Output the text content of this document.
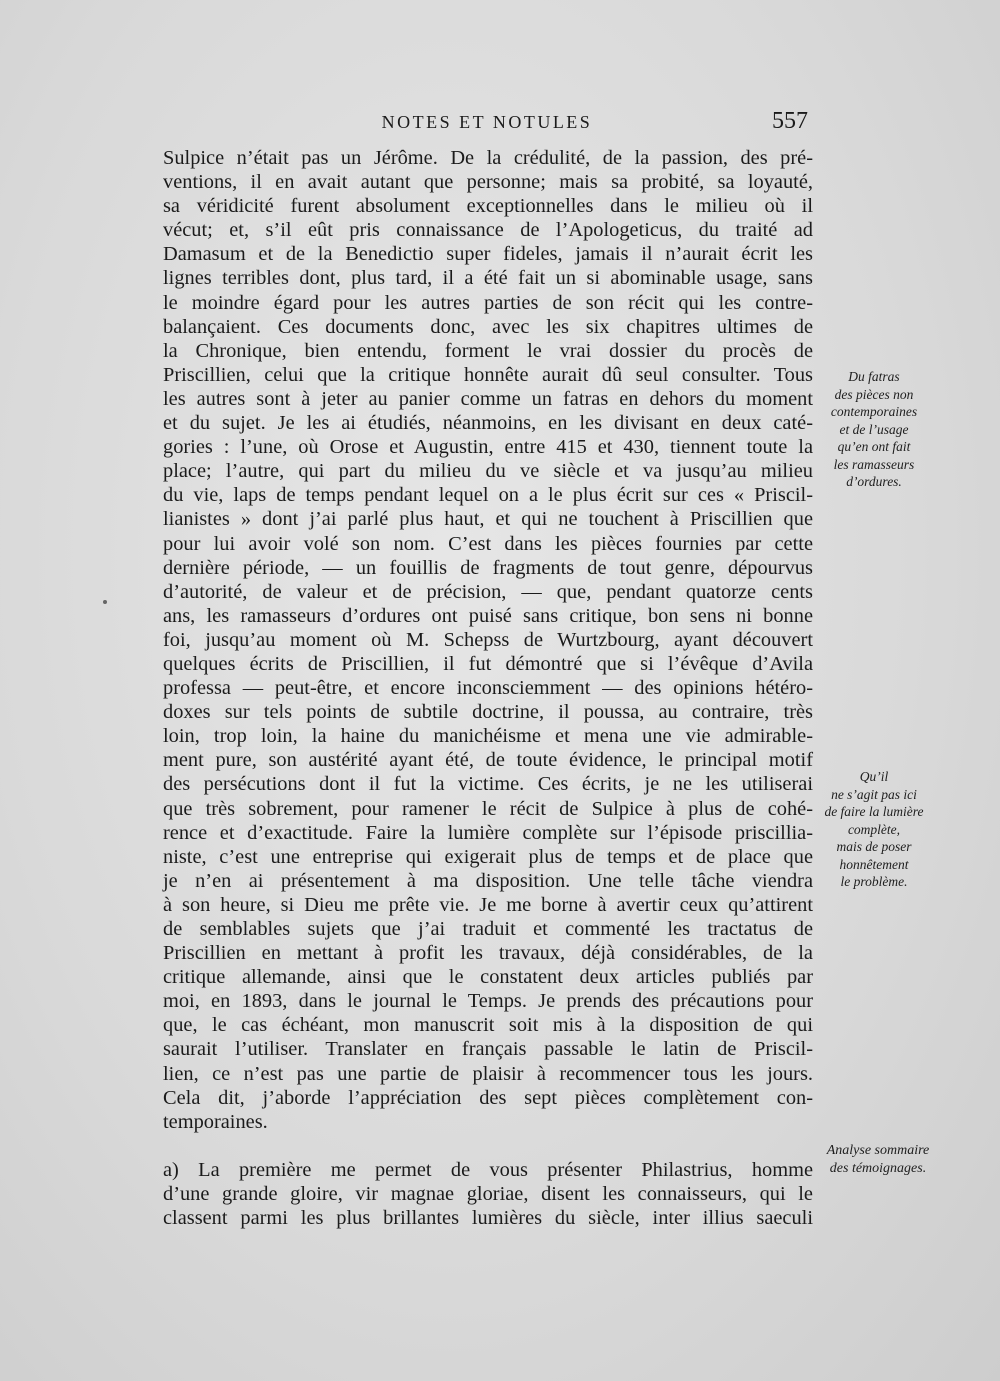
NOTES ET NOTULES	557
Sulpice n’était pas un Jérôme. De la crédulité, de la passion, des pré-
ventions, il en avait autant que personne; mais sa probité, sa loyauté,
sa véridicité furent absolument exceptionnelles dans le milieu où il
vécut; et, s’il eût pris connaissance de l’Apologeticus, du traité ad
Damasum et de la Benedictio super fideles, jamais il n’aurait écrit les
lignes terribles dont, plus tard, il a été fait un si abominable usage, sans
le moindre égard pour les autres parties de son récit qui les contre-
balançaient. Ces documents donc, avec les six chapitres ultimes de
la Chronique, bien entendu, forment le vrai dossier du procès de
Priscillien, celui que la critique honnête aurait dû seul consulter. Tous
les autres sont à jeter au panier comme un fatras en dehors du moment
et du sujet. Je les ai étudiés, néanmoins, en les divisant en deux caté-
gories : l’une, où Orose et Augustin, entre 415 et 430, tiennent toute la
place; l’autre, qui part du milieu du ve siècle et va jusqu’au milieu
du vie, laps de temps pendant lequel on a le plus écrit sur ces « Priscil-
lianistes » dont j’ai parlé plus haut, et qui ne touchent à Priscillien que
pour lui avoir volé son nom. C’est dans les pièces fournies par cette
dernière période, — un fouillis de fragments de tout genre, dépourvus
d’autorité, de valeur et de précision, — que, pendant quatorze cents
ans, les ramasseurs d’ordures ont puisé sans critique, bon sens ni bonne
foi, jusqu’au moment où M. Schepss de Wurtzbourg, ayant découvert
quelques écrits de Priscillien, il fut démontré que si l’évêque d’Avila
professa — peut-être, et encore inconsciemment — des opinions hétéro-
doxes sur tels points de subtile doctrine, il poussa, au contraire, très
loin, trop loin, la haine du manichéisme et mena une vie admirable-
ment pure, son austérité ayant été, de toute évidence, le principal motif
des persécutions dont il fut la victime. Ces écrits, je ne les utiliserai
que très sobrement, pour ramener le récit de Sulpice à plus de cohé-
rence et d’exactitude. Faire la lumière complète sur l’épisode priscillia-
niste, c’est une entreprise qui exigerait plus de temps et de place que
je n’en ai présentement à ma disposition. Une telle tâche viendra
à son heure, si Dieu me prête vie. Je me borne à avertir ceux qu’attirent
de semblables sujets que j’ai traduit et commenté les tractatus de
Priscillien en mettant à profit les travaux, déjà considérables, de la
critique allemande, ainsi que le constatent deux articles publiés par
moi, en 1893, dans le journal le Temps. Je prends des précautions pour
que, le cas échéant, mon manuscrit soit mis à la disposition de qui
saurait l’utiliser. Translater en français passable le latin de Priscil-
lien, ce n’est pas une partie de plaisir à recommencer tous les jours.
Cela dit, j’aborde l’appréciation des sept pièces complètement con-
temporaines.
a) La première me permet de vous présenter Philastrius, homme
d’une grande gloire, vir magnae gloriae, disent les connaisseurs, qui le
classent parmi les plus brillantes lumières du siècle, inter illius saeculi
Du fatras
des pièces non
contemporaines
et de l’usage
qu’en ont fait
les ramasseurs
d’ordures.
Qu’il
ne s’agit pas ici
de faire la lumière
complète,
mais de poser
honnêtement
le problème.
Analyse sommaire
des témoignages.
